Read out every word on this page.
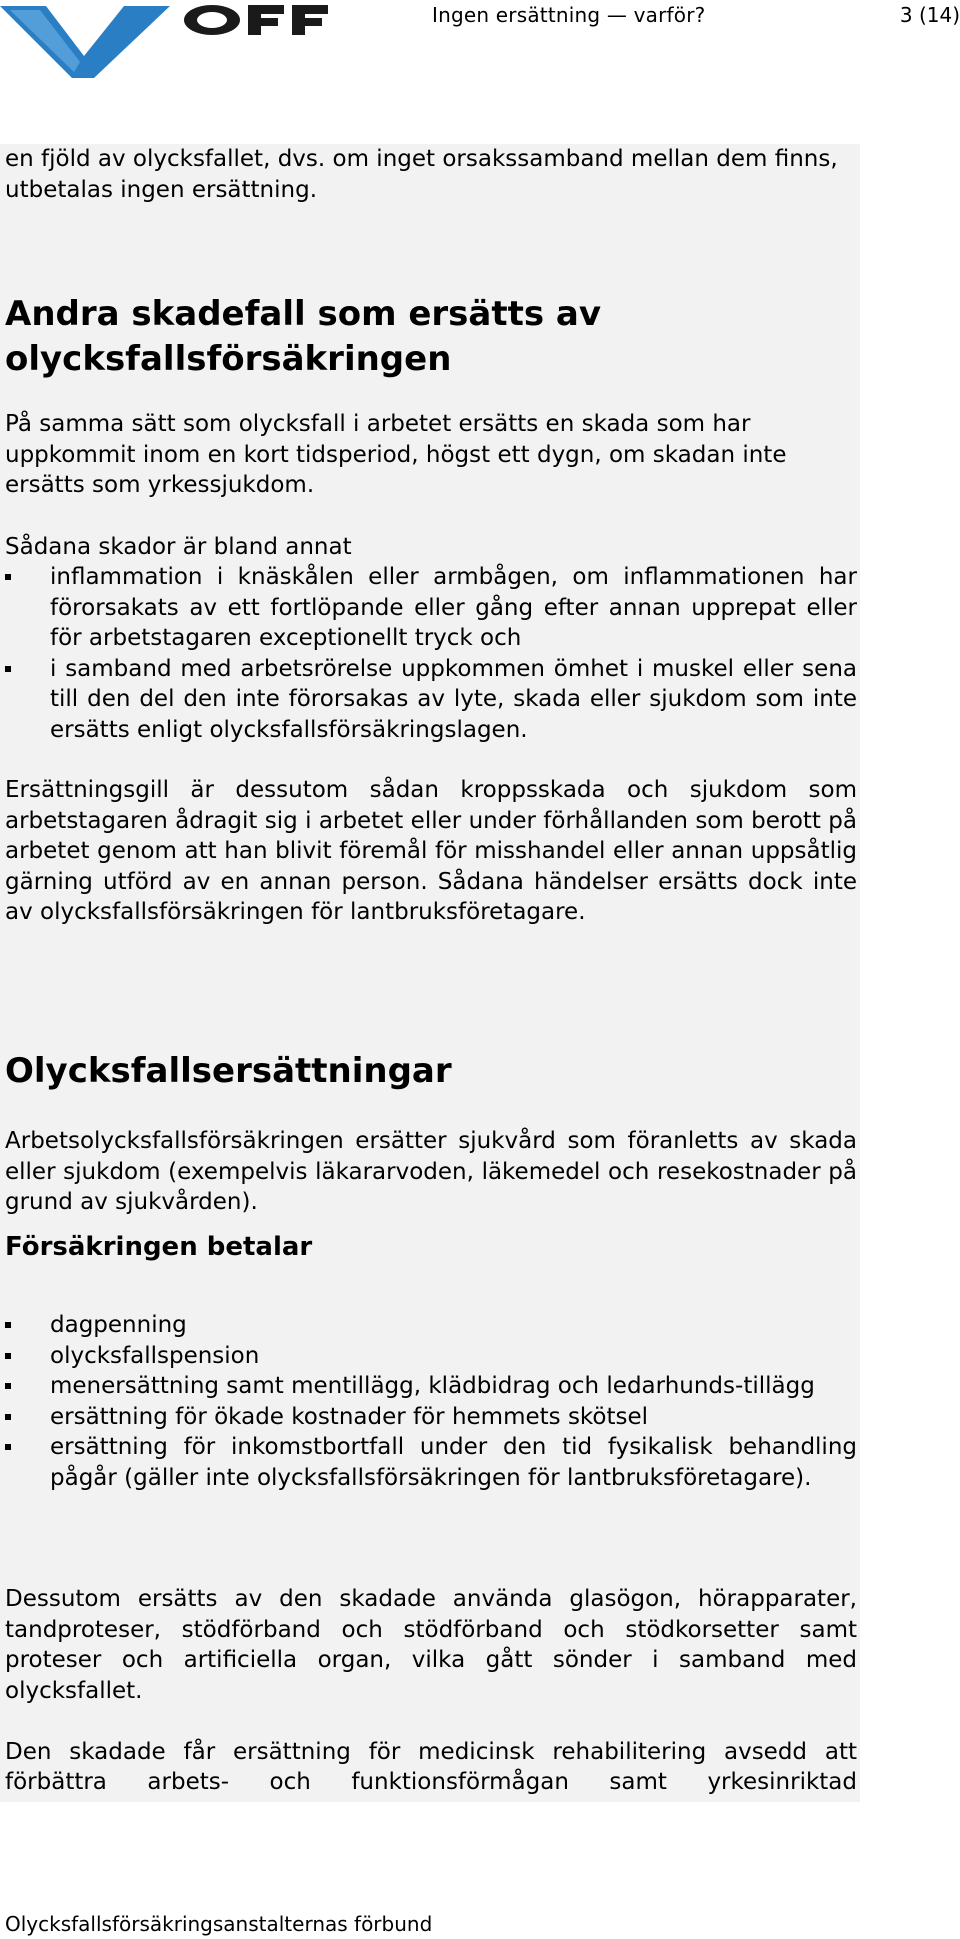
Ingen ersättning — varför?	3 (14)

en fjöld av olycksfallet, dvs. om inget orsakssamband mellan dem finns, utbetalas ingen ersättning.

Andra skadefall som ersätts av olycksfallsförsäkringen

På samma sätt som olycksfall i arbetet ersätts en skada som har uppkommit inom en kort tidsperiod, högst ett dygn, om skadan inte ersätts som yrkessjukdom.

Sådana skador är bland annat

inflammation i knäskålen eller armbågen, om inflammationen har förorsakats av ett fortlöpande eller gång efter annan upprepat eller för arbetstagaren exceptionellt tryck och
i samband med arbetsrörelse uppkommen ömhet i muskel eller sena till den del den inte förorsakas av lyte, skada eller sjukdom som inte ersätts enligt olycksfallsförsäkringslagen.

Ersättningsgill är dessutom sådan kroppsskada och sjukdom som arbetstagaren ådragit sig i arbetet eller under förhållanden som berott på arbetet genom att han blivit föremål för misshandel eller annan uppsåtlig gärning utförd av en annan person. Sådana händelser ersätts dock inte av olycksfallsförsäkringen för lantbruksföretagare.

Olycksfallsersättningar

Arbetsolycksfallsförsäkringen ersätter sjukvård som föranletts av skada eller sjukdom (exempelvis läkararvoden, läkemedel och resekostnader på grund av sjukvården).

Försäkringen betalar
dagpenning
olycksfallspension
menersättning samt mentillägg, klädbidrag och ledarhunds-tillägg
ersättning för ökade kostnader för hemmets skötsel
ersättning för inkomstbortfall under den tid fysikalisk behandling pågår (gäller inte olycksfallsförsäkringen för lantbruksföretagare).

Dessutom ersätts av den skadade använda glasögon, hörapparater, tandproteser, stödförband och stödförband och stödkorsetter samt proteser och artificiella organ, vilka gått sönder i samband med olycksfallet.

Den skadade får ersättning för medicinsk rehabilitering avsedd att

förbättra arbets- och funktionsförmågan samt yrkesinriktad

Olycksfallsförsäkringsanstalternas förbund
